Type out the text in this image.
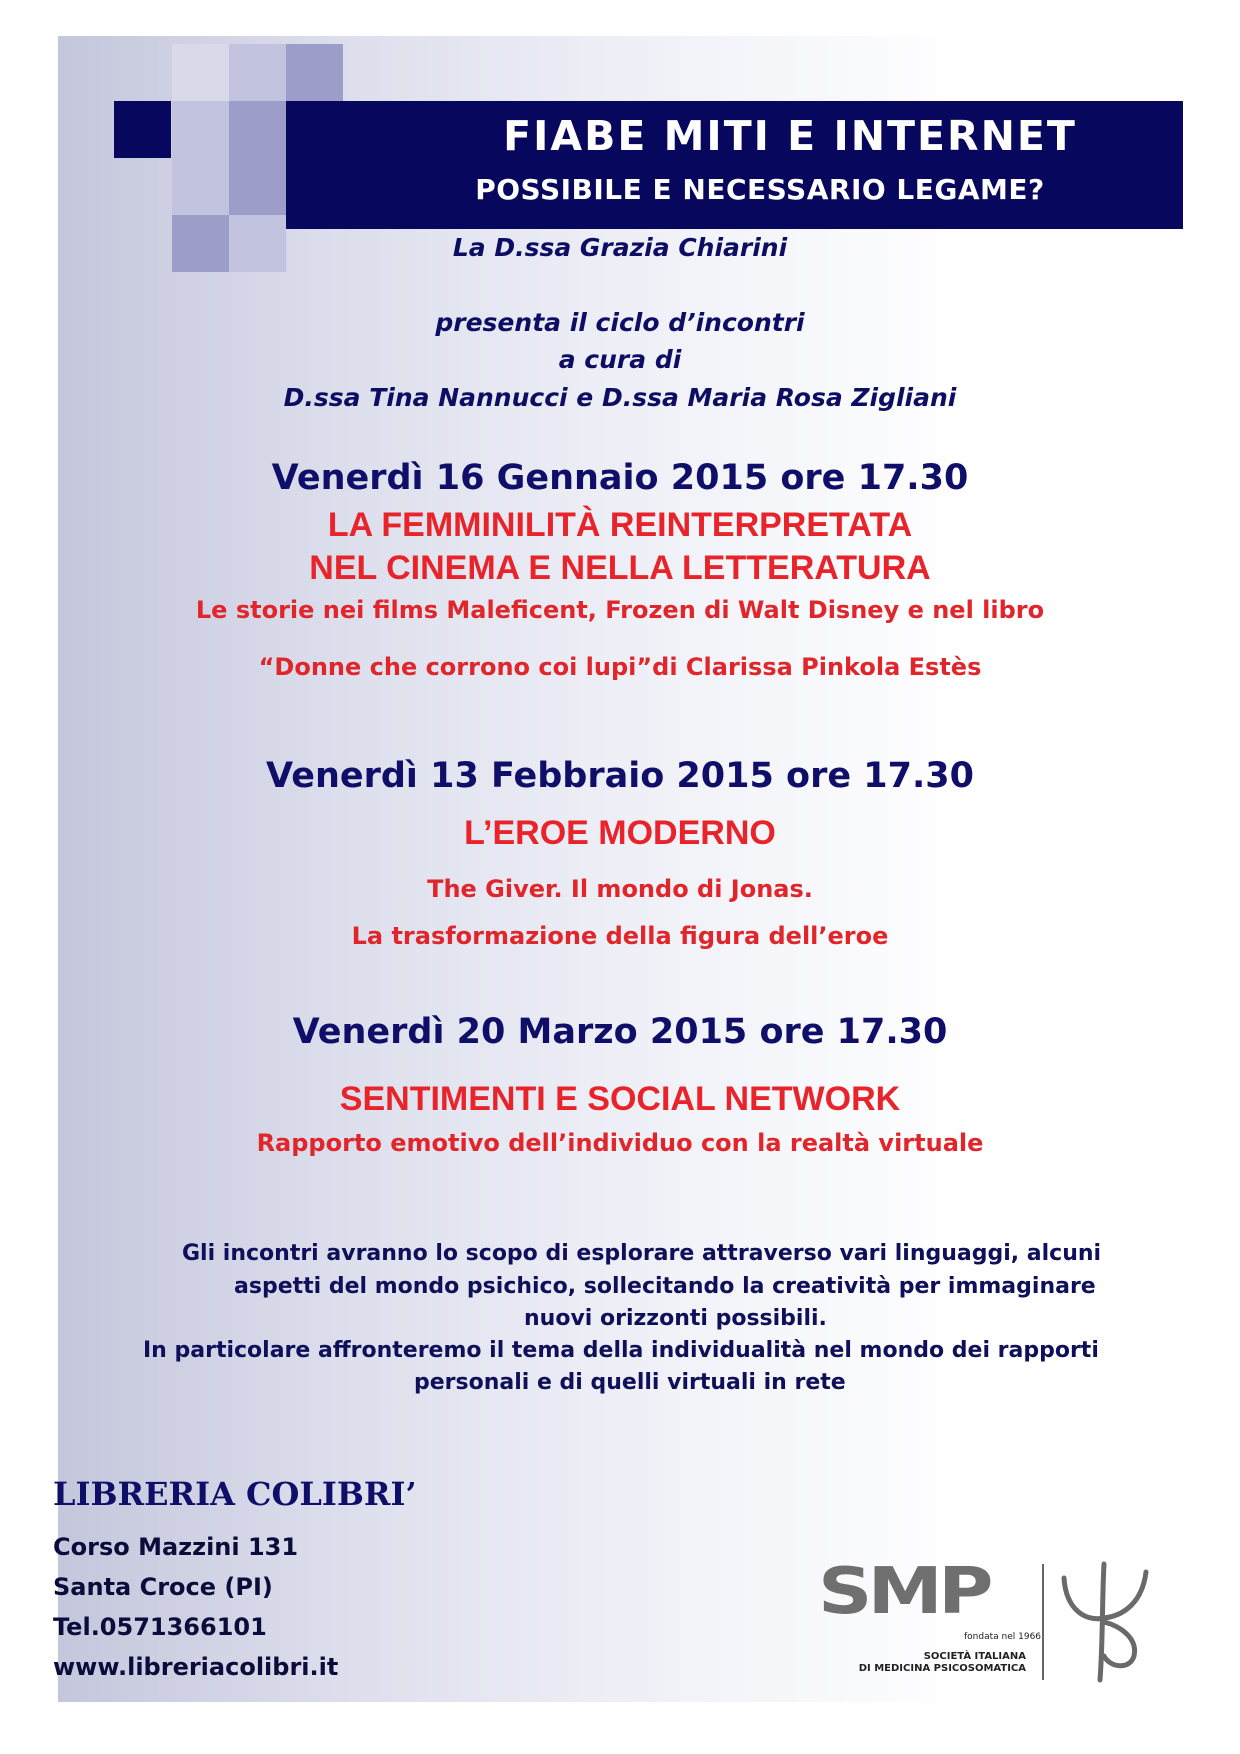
FIABE MITI E INTERNET
POSSIBILE E NECESSARIO LEGAME?

La D.ssa Grazia Chiarini

presenta il ciclo d’incontri

a cura di

D.ssa Tina Nannucci e D.ssa Maria Rosa Zigliani

Venerdì 16 Gennaio 2015 ore 17.30

LA FEMMINILITÀ REINTERPRETATA

NEL CINEMA E NELLA LETTERATURA

Le storie nei films Maleficent, Frozen di Walt Disney e nel libro

“Donne che corrono coi lupi”di Clarissa Pinkola Estès

Venerdì 13 Febbraio 2015 ore 17.30

L’EROE MODERNO

The Giver. Il mondo di Jonas.

La trasformazione della figura dell’eroe

Venerdì 20 Marzo 2015 ore 17.30

SENTIMENTI E SOCIAL NETWORK

Rapporto emotivo dell’individuo con la realtà virtuale

Gli incontri avranno lo scopo di esplorare attraverso vari linguaggi, alcuni

aspetti del mondo psichico, sollecitando la creatività per immaginare

nuovi orizzonti possibili.

In particolare affronteremo il tema della individualità nel mondo dei rapporti

personali e di quelli virtuali in rete

LIBRERIA COLIBRI’

Corso Mazzini 131

Santa Croce (PI)

Tel.0571366101

www.libreriacolibri.it

SMP

fondata nel 1966

SOCIETÀ ITALIANA
DI MEDICINA PSICOSOMATICA
